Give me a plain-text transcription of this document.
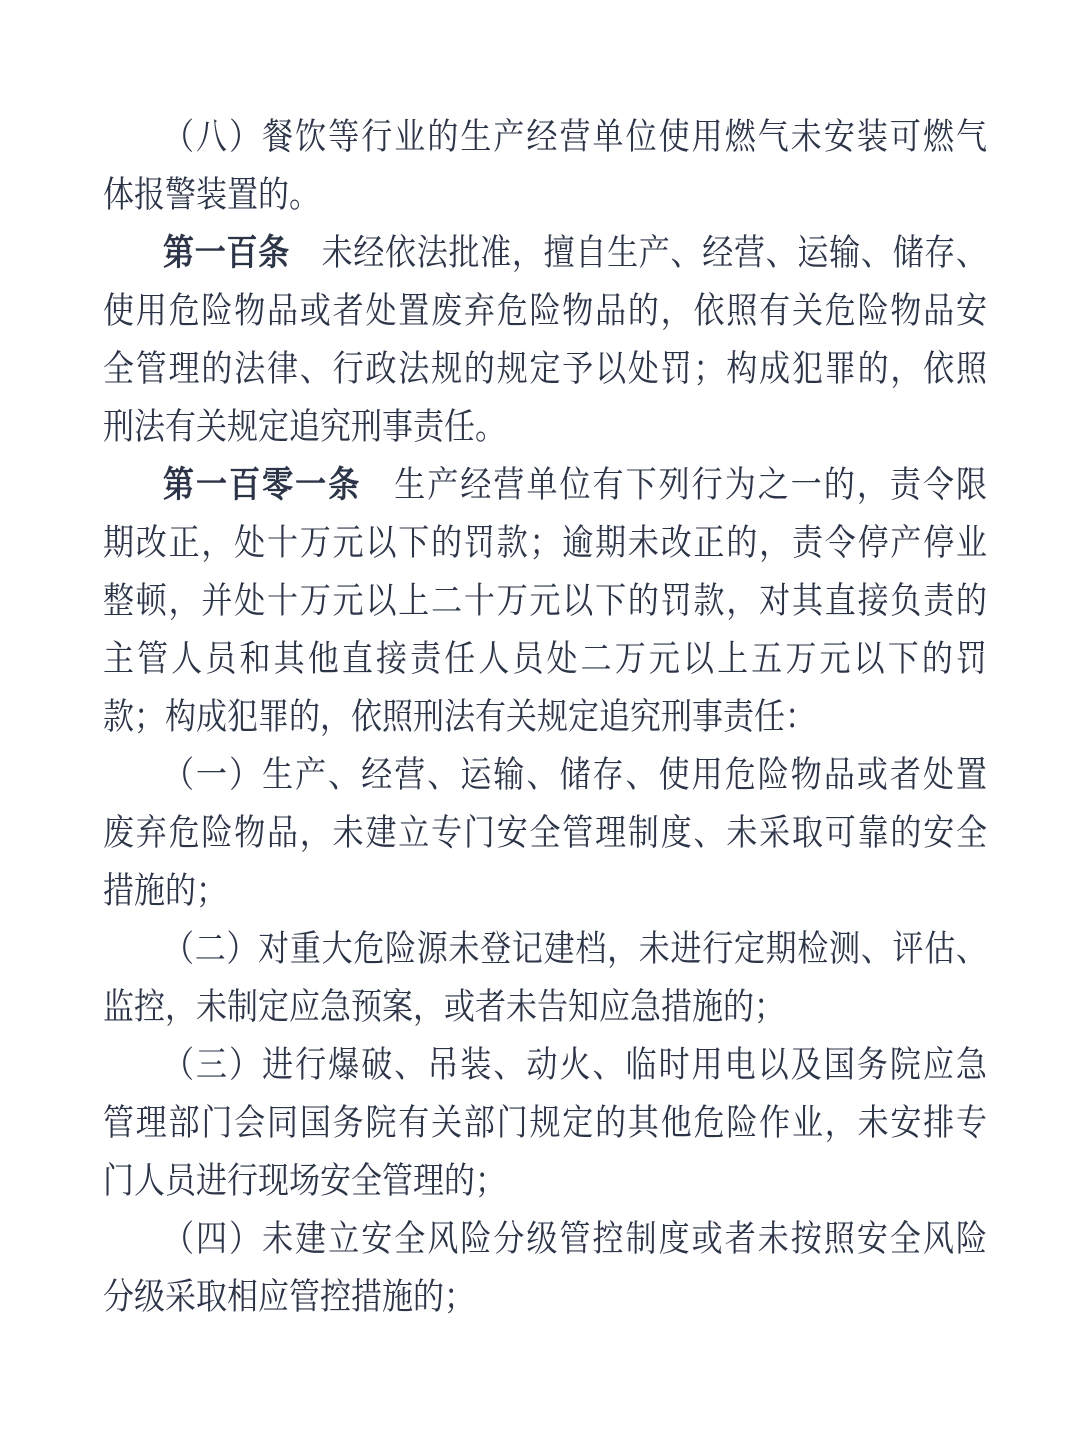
（八）餐饮等行业的生产经营单位使用燃气未安装可燃气
体报警装置的。
第一百条　未经依法批准，擅自生产、经营、运输、储存、
使用危险物品或者处置废弃危险物品的，依照有关危险物品安
全管理的法律、行政法规的规定予以处罚；构成犯罪的，依照
刑法有关规定追究刑事责任。
第一百零一条　生产经营单位有下列行为之一的，责令限
期改正，处十万元以下的罚款；逾期未改正的，责令停产停业
整顿，并处十万元以上二十万元以下的罚款，对其直接负责的
主管人员和其他直接责任人员处二万元以上五万元以下的罚
款；构成犯罪的，依照刑法有关规定追究刑事责任：
（一）生产、经营、运输、储存、使用危险物品或者处置
废弃危险物品，未建立专门安全管理制度、未采取可靠的安全
措施的；
（二）对重大危险源未登记建档，未进行定期检测、评估、
监控，未制定应急预案，或者未告知应急措施的；
（三）进行爆破、吊装、动火、临时用电以及国务院应急
管理部门会同国务院有关部门规定的其他危险作业，未安排专
门人员进行现场安全管理的；
（四）未建立安全风险分级管控制度或者未按照安全风险
分级采取相应管控措施的；
